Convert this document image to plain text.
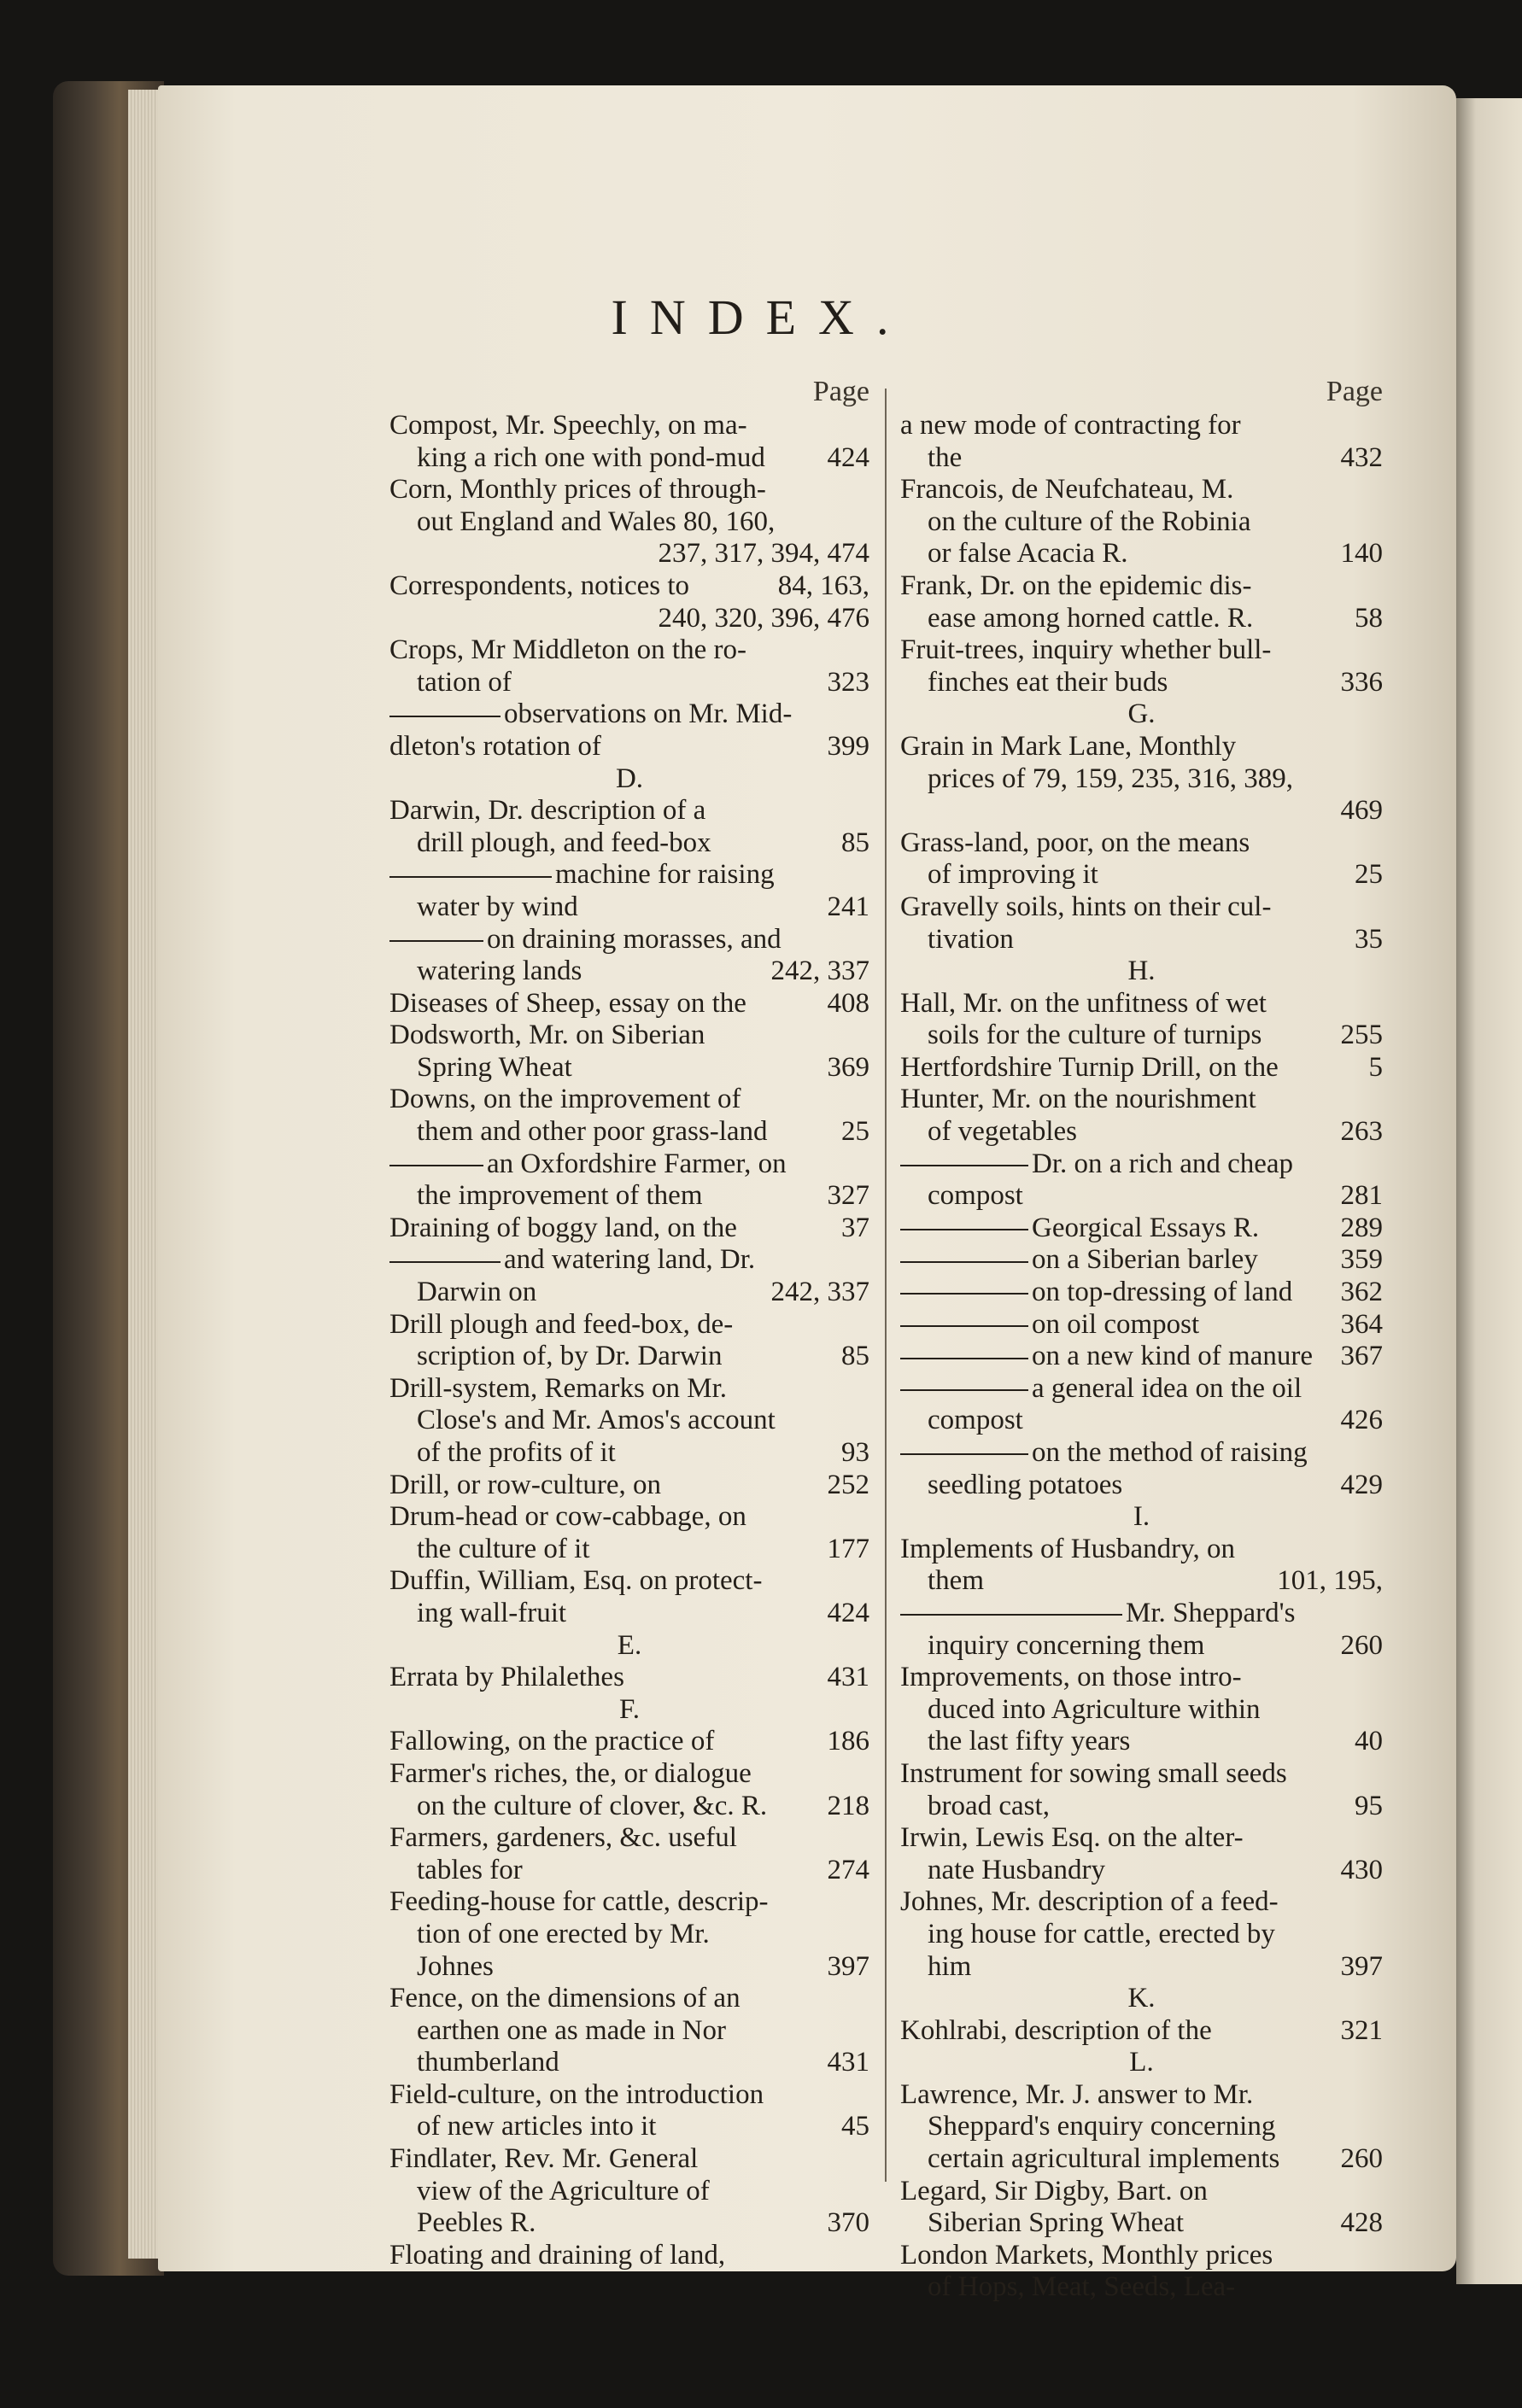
INDEX.
Page
Compost, Mr. Speechly, on ma-
king a rich one with pond-mud 424
Corn, Monthly prices of through-
out England and Wales 80, 160,
237, 317, 394, 474
Correspondents, notices to	84, 163,
240, 320, 396, 476
Crops, Mr Middleton on the ro-
tation of	323
observations on Mr. Mid-
dleton's rotation of	399
D.
Darwin, Dr. description of a
drill plough, and feed-box	85
machine for raising
water by wind	241
on draining morasses, and
watering lands	242, 337
Diseases of Sheep, essay on the	408
Dodsworth, Mr. on Siberian
Spring Wheat	369
Downs, on the improvement of
them and other poor grass-land	25
an Oxfordshire Farmer, on
the improvement of them	327
Draining of boggy land, on the	37
and watering land, Dr.
Darwin on	242, 337
Drill plough and feed-box, de-
scription of, by Dr. Darwin	85
Drill-system, Remarks on Mr.
Close's and Mr. Amos's account
of the profits of it	93
Drill, or row-culture, on	252
Drum-head or cow-cabbage, on
the culture of it	177
Duffin, William, Esq. on protect-
ing wall-fruit	424
E.
Errata by Philalethes	431
F.
Fallowing, on the practice of	186
Farmer's riches, the, or dialogue
on the culture of clover, &c. R. 218
Farmers, gardeners, &c. useful
tables for	274
Feeding-house for cattle, descrip-
tion of one erected by Mr.
Johnes	397
Fence, on the dimensions of an
earthen one as made in Nor
thumberland	431
Field-culture, on the introduction
of new articles into it	45
Findlater, Rev. Mr. General
view of the Agriculture of
Peebles R.	370
Floating and draining of land,
Page
a new mode of contracting for
the	432
Francois, de Neufchateau, M.
on the culture of the Robinia
or false Acacia R.	140
Frank, Dr. on the epidemic dis-
ease among horned cattle. R.	58
Fruit-trees, inquiry whether bull-
finches eat their buds	336
G.
Grain in Mark Lane, Monthly
prices of 79, 159, 235, 316, 389,
469
Grass-land, poor, on the means
of improving it	25
Gravelly soils, hints on their cul-
tivation	35
H.
Hall, Mr. on the unfitness of wet
soils for the culture of turnips	255
Hertfordshire Turnip Drill, on the	5
Hunter, Mr. on the nourishment
of vegetables	263
Dr. on a rich and cheap
compost	281
Georgical Essays R.	289
on a Siberian barley	359
on top-dressing of land 362
on oil compost	364
on a new kind of manure 367
a general idea on the oil
compost	426
on the method of raising
seedling potatoes	429
I.
Implements of Husbandry, on
them	101, 195,
Mr. Sheppard's
inquiry concerning them	260
Improvements, on those intro-
duced into Agriculture within
the last fifty years	40
Instrument for sowing small seeds
broad cast,	95
Irwin, Lewis Esq. on the alter-
nate Husbandry	430
Johnes, Mr. description of a feed-
ing house for cattle, erected by
him	397
K.
Kohlrabi, description of the	321
L.
Lawrence, Mr. J. answer to Mr.
Sheppard's enquiry concerning
certain agricultural implements 260
Legard, Sir Digby, Bart. on
Siberian Spring Wheat	428
London Markets, Monthly prices
of Hops, Meat, Seeds, Lea-
